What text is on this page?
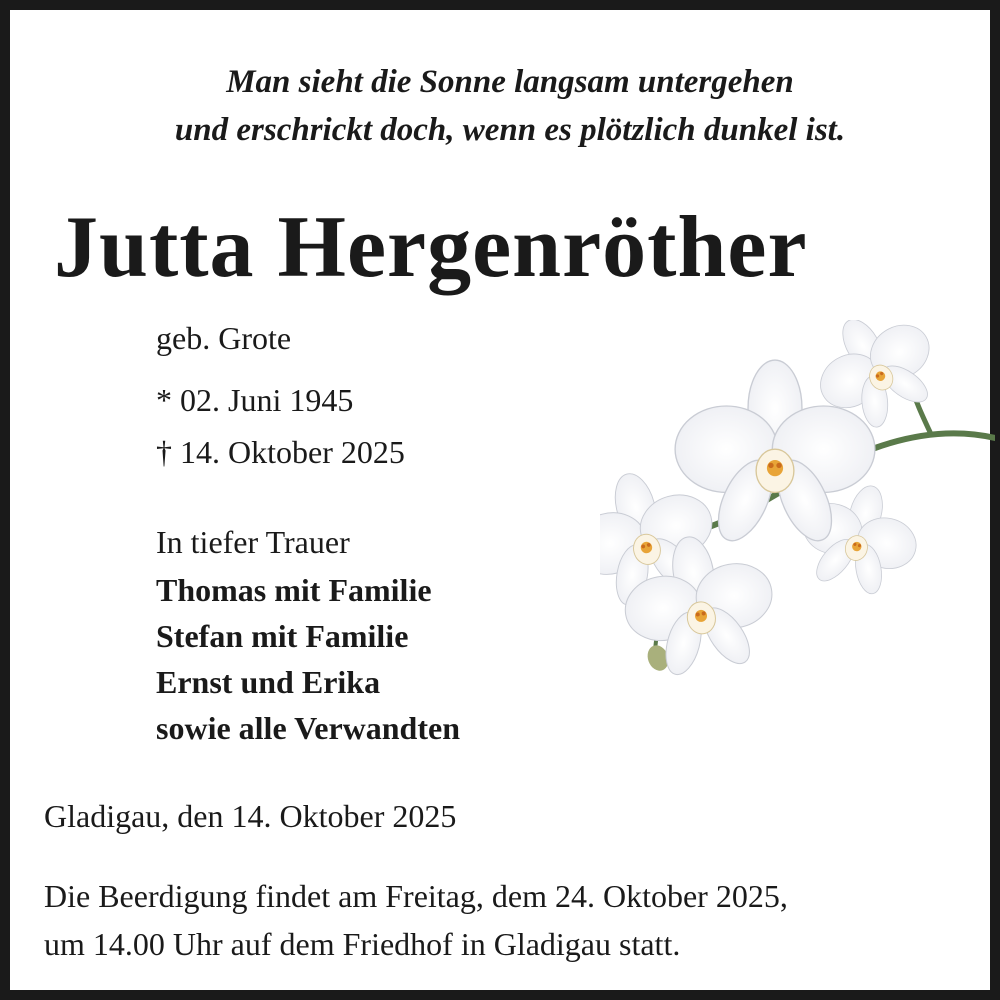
Man sieht die Sonne langsam untergehen
und erschrickt doch, wenn es plötzlich dunkel ist.
Jutta Hergenröther
geb. Grote
* 02. Juni 1945
† 14. Oktober 2025
In tiefer Trauer
Thomas mit Familie
Stefan mit Familie
Ernst und Erika
sowie alle Verwandten
Gladigau, den 14. Oktober 2025
Die Beerdigung findet am Freitag, dem 24. Oktober 2025,
um 14.00 Uhr auf dem Friedhof in Gladigau statt.
